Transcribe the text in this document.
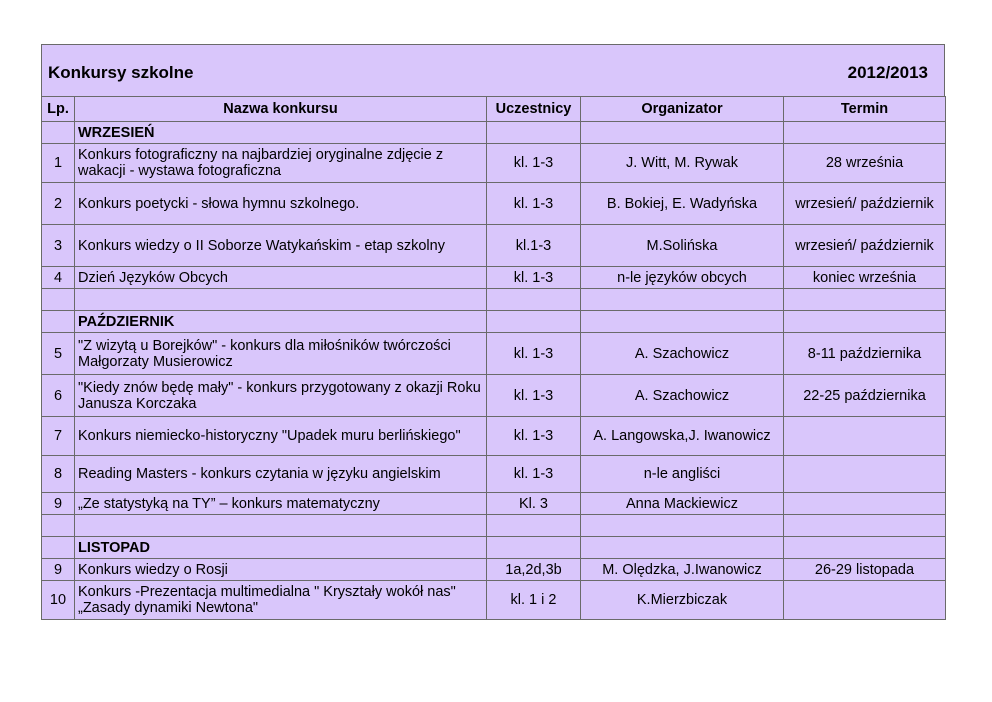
Konkursy szkolne	2012/2013
Lp.	Nazwa konkursu	Uczestnicy	Organizator	Termin
	WRZESIEŃ			
1	Konkurs fotograficzny na najbardziej oryginalne zdjęcie z wakacji - wystawa fotograficzna	kl. 1-3	J. Witt, M. Rywak	28 września
2	Konkurs poetycki - słowa hymnu szkolnego.	kl. 1-3	B. Bokiej, E. Wadyńska	wrzesień/ październik
3	Konkurs wiedzy o II Soborze Watykańskim - etap szkolny	kl.1-3	M.Solińska	wrzesień/ październik
4	Dzień Języków Obcych	kl. 1-3	n-le języków obcych	koniec września

	PAŹDZIERNIK			
5	"Z wizytą u Borejków" - konkurs dla miłośników twórczości Małgorzaty Musierowicz	kl. 1-3	A. Szachowicz	8-11 października
6	"Kiedy znów będę mały" - konkurs przygotowany z okazji Roku Janusza Korczaka	kl. 1-3	A. Szachowicz	22-25 października
7	Konkurs niemiecko-historyczny "Upadek muru berlińskiego"	kl. 1-3	A. Langowska,J. Iwanowicz	
8	Reading Masters - konkurs czytania w języku angielskim	kl. 1-3	n-le angliści	
9	„Ze statystyką na TY” – konkurs matematyczny	Kl. 3	Anna Mackiewicz	

	LISTOPAD			
9	Konkurs wiedzy o Rosji	1a,2d,3b	M. Olędzka, J.Iwanowicz	26-29 listopada
10	Konkurs -Prezentacja multimedialna " Kryształy wokół nas" „Zasady dynamiki Newtona"	kl. 1 i 2	K.Mierzbiczak	
